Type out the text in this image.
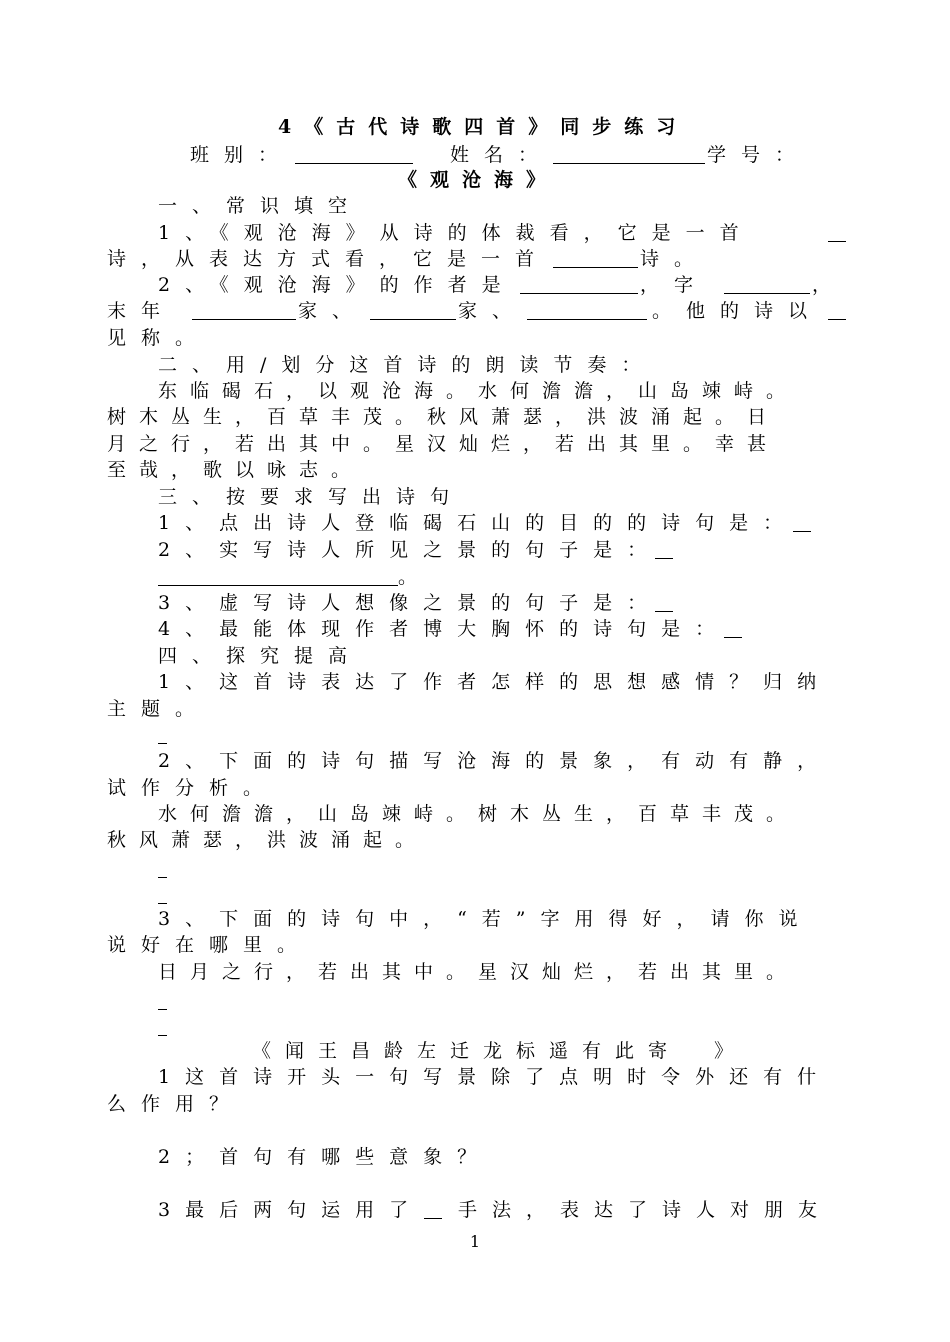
4《古代诗歌四首》同步练习
班别：	姓名：	学号：
《观沧海》
一、常识填空
1、《观沧海》从诗的体裁看，它是一首
诗，从表达方式看，它是一首	诗。
2、《观沧海》的作者是	，字	，
末年	家、	家、	。他的诗以
见称。
二、用/划分这首诗的朗读节奏：
东临碣石，以观沧海。水何澹澹，山岛竦峙。
树木丛生，百草丰茂。秋风萧瑟，洪波涌起。日
月之行，若出其中。星汉灿烂，若出其里。幸甚
至哉，歌以咏志。
三、按要求写出诗句
1、点出诗人登临碣石山的目的的诗句是：
2、实写诗人所见之景的句子是：
。
3、虚写诗人想像之景的句子是：
4、最能体现作者博大胸怀的诗句是：
四、探究提高
1、这首诗表达了作者怎样的思想感情？归纳
主题。
2、下面的诗句描写沧海的景象，有动有静，
试作分析。
水何澹澹，山岛竦峙。树木丛生，百草丰茂。
秋风萧瑟，洪波涌起。
3、下面的诗句中，“若”字用得好，请你说
说好在哪里。
日月之行，若出其中。星汉灿烂，若出其里。
《闻王昌龄左迁龙标遥有此寄　》
1这首诗开头一句写景除了点明时令外还有什
么作用？
2；首句有哪些意象？
3最后两句运用了 手法，表达了诗人对朋友
1
